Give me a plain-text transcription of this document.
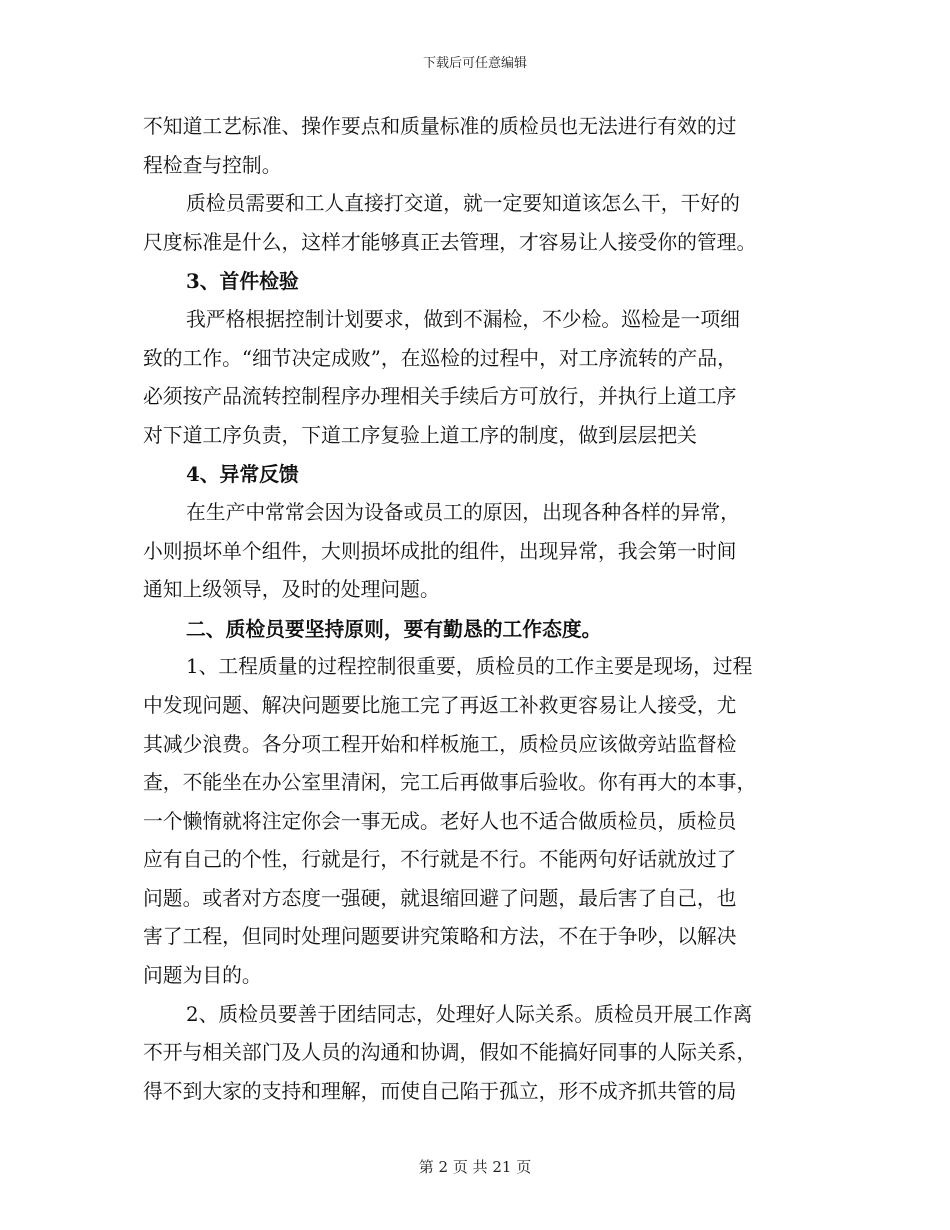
下载后可任意编辑
不知道工艺标准、操作要点和质量标准的质检员也无法进行有效的过
程检查与控制。
质检员需要和工人直接打交道，就一定要知道该怎么干，干好的
尺度标准是什么，这样才能够真正去管理，才容易让人接受你的管理。
3、首件检验
我严格根据控制计划要求，做到不漏检，不少检。巡检是一项细
致的工作。“细节决定成败”，在巡检的过程中，对工序流转的产品，
必须按产品流转控制程序办理相关手续后方可放行，并执行上道工序
对下道工序负责，下道工序复验上道工序的制度，做到层层把关
4、异常反馈
在生产中常常会因为设备或员工的原因，出现各种各样的异常，
小则损坏单个组件，大则损坏成批的组件，出现异常，我会第一时间
通知上级领导，及时的处理问题。
二、质检员要坚持原则，要有勤恳的工作态度。
1、工程质量的过程控制很重要，质检员的工作主要是现场，过程
中发现问题、解决问题要比施工完了再返工补救更容易让人接受，尤
其减少浪费。各分项工程开始和样板施工，质检员应该做旁站监督检
查，不能坐在办公室里清闲，完工后再做事后验收。你有再大的本事，
一个懒惰就将注定你会一事无成。老好人也不适合做质检员，质检员
应有自己的个性，行就是行，不行就是不行。不能两句好话就放过了
问题。或者对方态度一强硬，就退缩回避了问题，最后害了自己，也
害了工程，但同时处理问题要讲究策略和方法，不在于争吵，以解决
问题为目的。
2、质检员要善于团结同志，处理好人际关系。质检员开展工作离
不开与相关部门及人员的沟通和协调，假如不能搞好同事的人际关系，
得不到大家的支持和理解，而使自己陷于孤立，形不成齐抓共管的局
第 2 页 共 21 页
